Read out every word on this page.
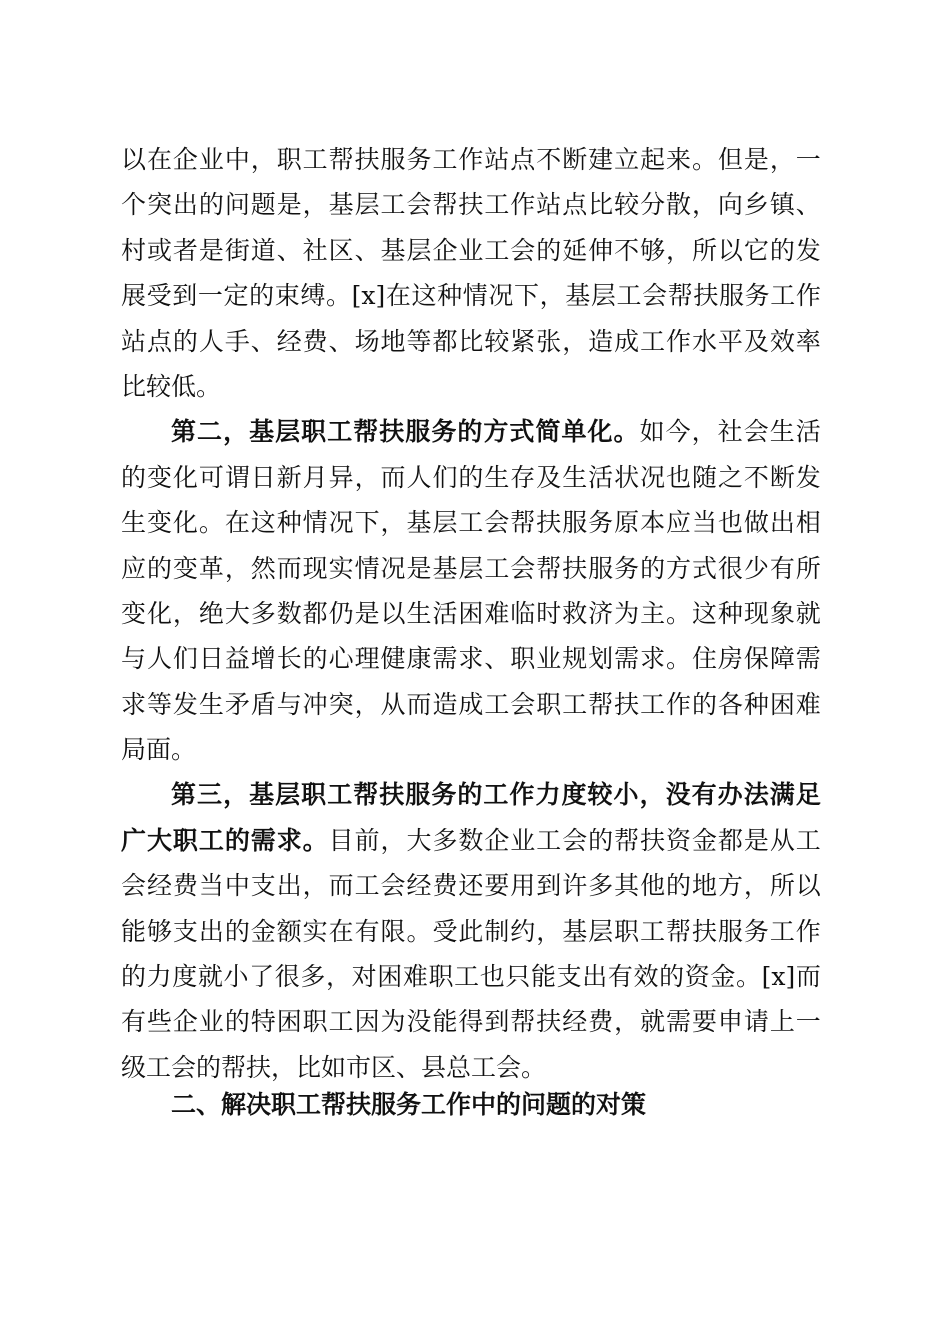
以 在 企 业 中 ， 职 工 帮 扶 服 务 工 作 站 点 不 断 建 立 起 来 。 但 是 ， 一
个 突 出 的 问 题 是 ， 基 层 工 会 帮 扶 工 作 站 点 比 较 分 散 ， 向 乡 镇 、
村 或 者 是 街 道 、 社 区 、 基 层 企 业 工 会 的 延 伸 不 够 ， 所 以 它 的 发
展 受 到 一 定 的 束 缚 。 [x] 在 这 种 情 况 下 ， 基 层 工 会 帮 扶 服 务 工 作
站 点 的 人 手 、 经 费 、 场 地 等 都 比 较 紧 张 ， 造 成 工 作 水 平 及 效 率
比较低。
第 二 ， 基 层 职 工 帮 扶 服 务 的 方 式 简 单 化 。 如 今 ， 社 会 生 活
的 变 化 可 谓 日 新 月 异 ， 而 人 们 的 生 存 及 生 活 状 况 也 随 之 不 断 发
生 变 化 。 在 这 种 情 况 下 ， 基 层 工 会 帮 扶 服 务 原 本 应 当 也 做 出 相
应 的 变 革 ， 然 而 现 实 情 况 是 基 层 工 会 帮 扶 服 务 的 方 式 很 少 有 所
变 化 ， 绝 大 多 数 都 仍 是 以 生 活 困 难 临 时 救 济 为 主 。 这 种 现 象 就
与 人 们 日 益 增 长 的 心 理 健 康 需 求 、 职 业 规 划 需 求 。 住 房 保 障 需
求 等 发 生 矛 盾 与 冲 突 ， 从 而 造 成 工 会 职 工 帮 扶 工 作 的 各 种 困 难
局面。
第 三 ， 基 层 职 工 帮 扶 服 务 的 工 作 力 度 较 小 ， 没 有 办 法 满 足
广 大 职 工 的 需 求 。 目 前 ， 大 多 数 企 业 工 会 的 帮 扶 资 金 都 是 从 工
会 经 费 当 中 支 出 ， 而 工 会 经 费 还 要 用 到 许 多 其 他 的 地 方 ， 所 以
能 够 支 出 的 金 额 实 在 有 限 。 受 此 制 约 ， 基 层 职 工 帮 扶 服 务 工 作
的 力 度 就 小 了 很 多 ， 对 困 难 职 工 也 只 能 支 出 有 效 的 资 金 。 [x] 而
有 些 企 业 的 特 困 职 工 因 为 没 能 得 到 帮 扶 经 费 ， 就 需 要 申 请 上 一
级工会的帮扶，比如市区、县总工会。
二、解决职工帮扶服务工作中的问题的对策
